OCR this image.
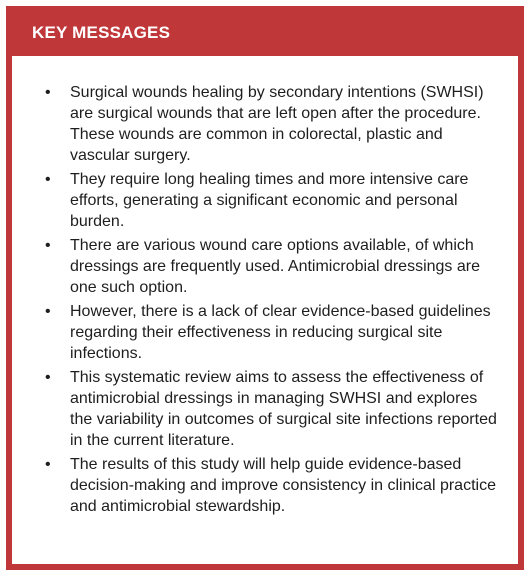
KEY MESSAGES
• Surgical wounds healing by secondary intentions (SWHSI) are surgical wounds that are left open after the procedure. These wounds are common in colorectal, plastic and vascular surgery.
• They require long healing times and more intensive care efforts, generating a significant economic and personal burden.
• There are various wound care options available, of which dressings are frequently used. Antimicrobial dressings are one such option.
• However, there is a lack of clear evidence-based guidelines regarding their effectiveness in reducing surgical site infections.
• This systematic review aims to assess the effectiveness of antimicrobial dressings in managing SWHSI and explores the variability in outcomes of surgical site infections reported in the current literature.
• The results of this study will help guide evidence-based decision-making and improve consistency in clinical practice and antimicrobial stewardship.
